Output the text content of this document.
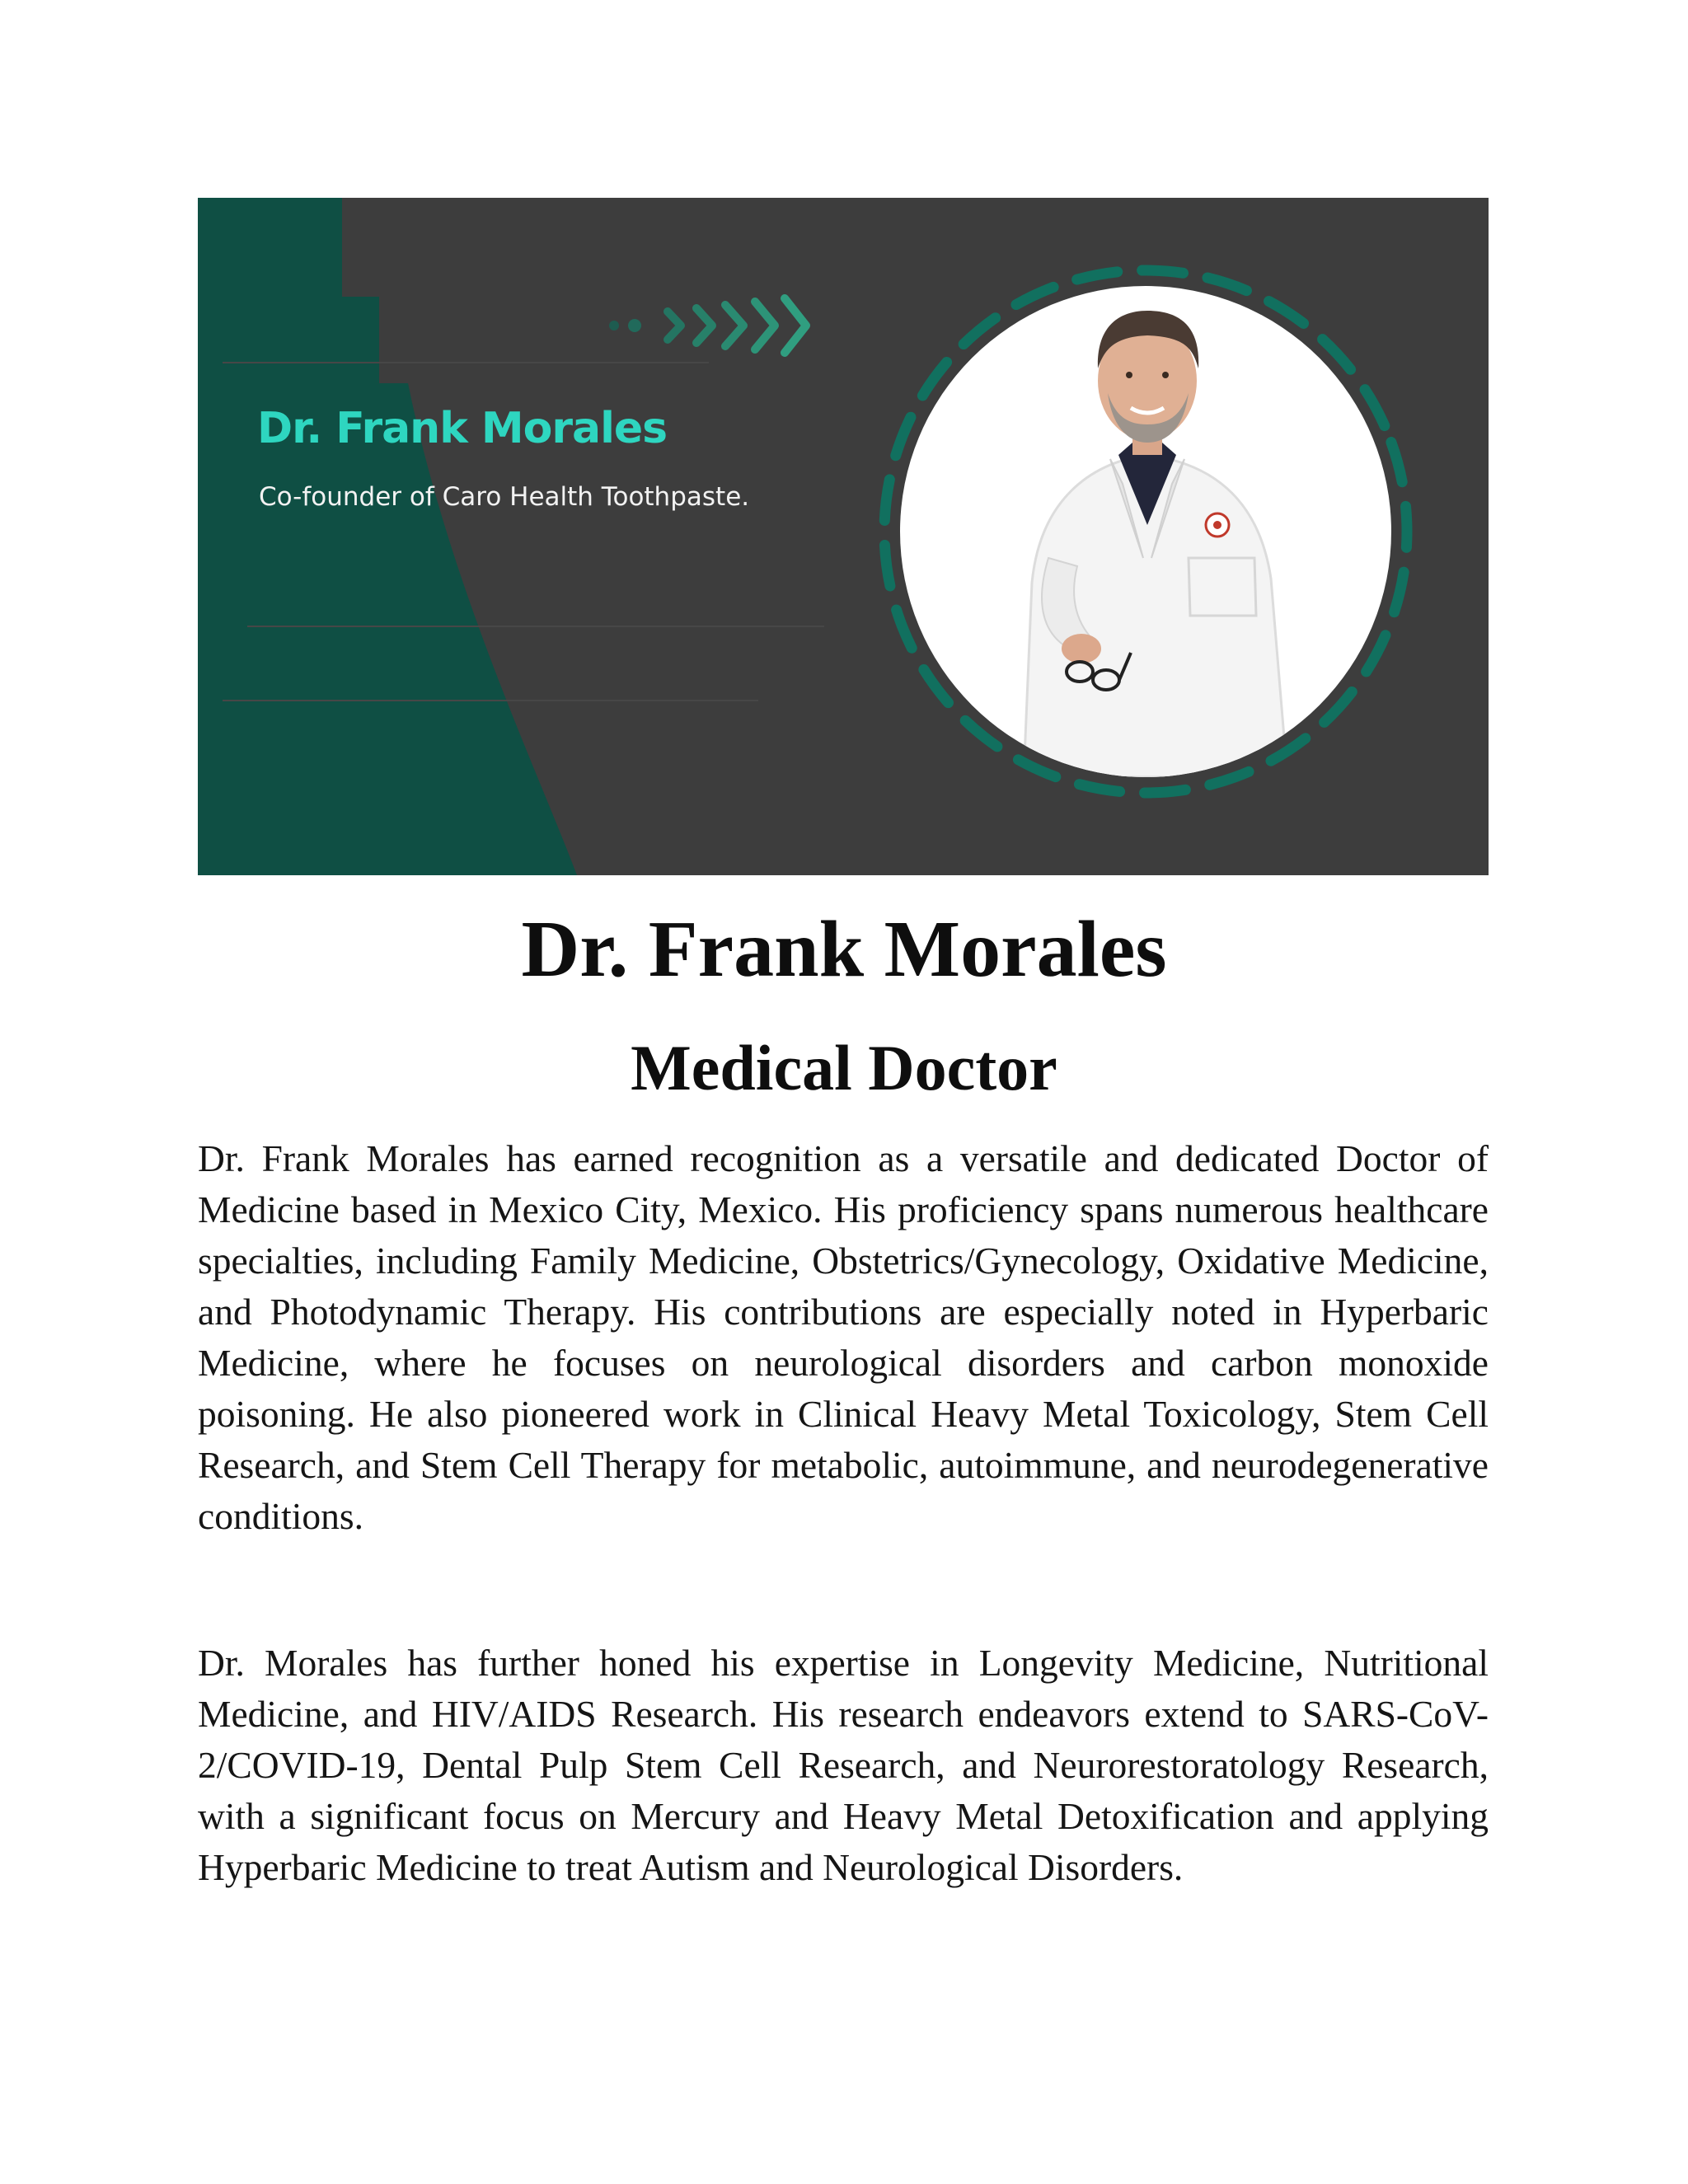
Dr. Frank Morales

Co-founder of Caro Health Toothpaste.

Dr. Frank Morales
Medical Doctor

Dr. Frank Morales has earned recognition as a versatile and dedicated Doctor of Medicine based in Mexico City, Mexico. His proficiency spans numerous healthcare specialties, including Family Medicine, Obstetrics/Gynecology, Oxidative Medicine, and Photodynamic Therapy. His contributions are especially noted in Hyperbaric Medicine, where he focuses on neurological disorders and carbon monoxide poisoning. He also pioneered work in Clinical Heavy Metal Toxicology, Stem Cell Research, and Stem Cell Therapy for metabolic, autoimmune, and neurodegenerative conditions.

Dr. Morales has further honed his expertise in Longevity Medicine, Nutritional Medicine, and HIV/AIDS Research. His research endeavors extend to SARS-CoV-2/COVID-19, Dental Pulp Stem Cell Research, and Neurorestoratology Research, with a significant focus on Mercury and Heavy Metal Detoxification and applying Hyperbaric Medicine to treat Autism and Neurological Disorders.
